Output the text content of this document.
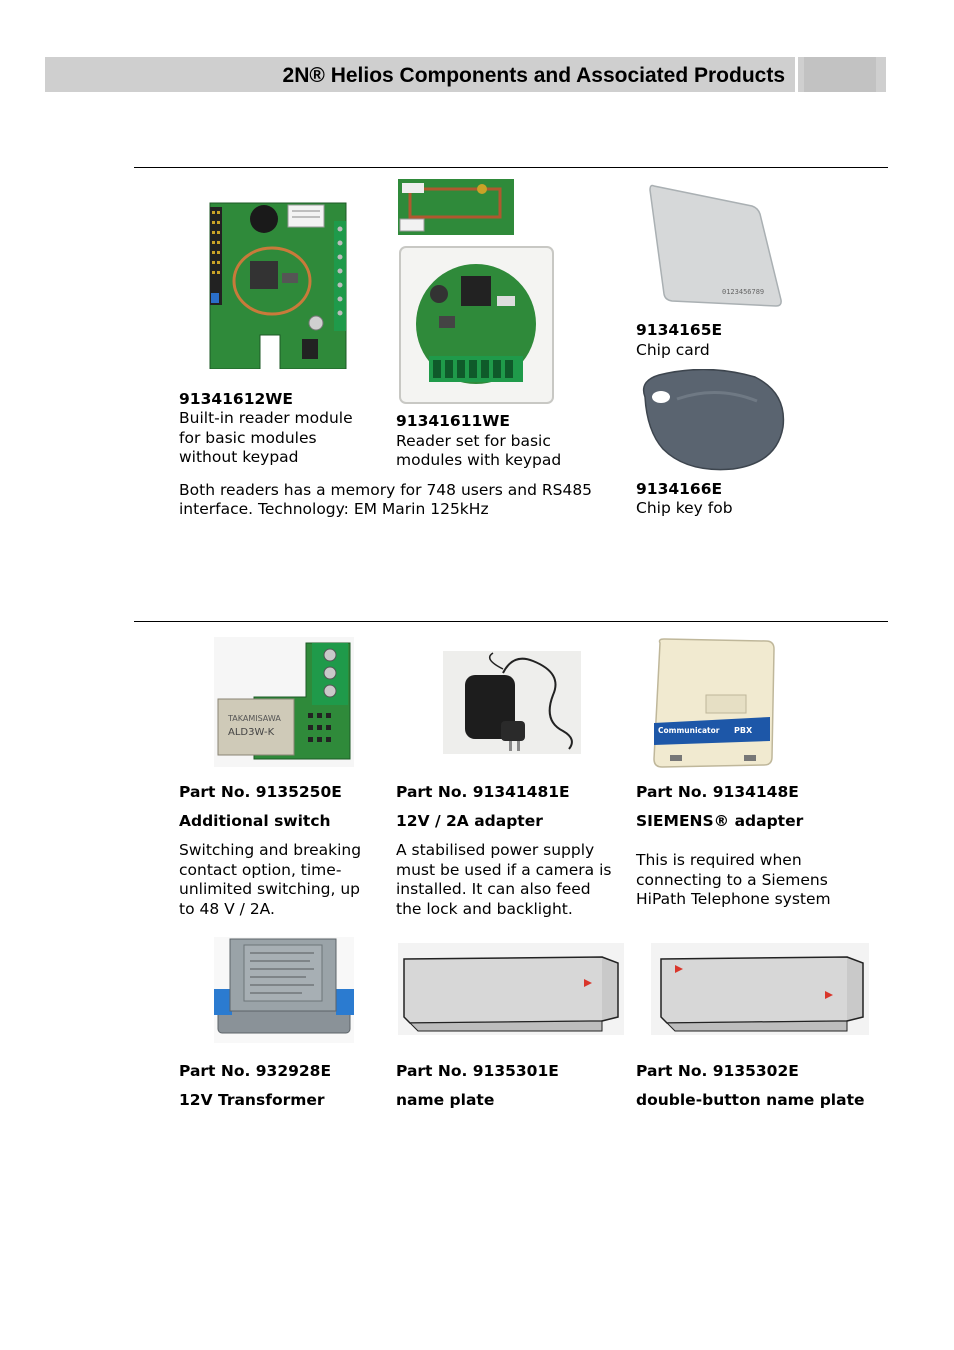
2N® Helios Components and Associated Products
0123456789
91341612WE
Built-in reader module
for basic modules
without keypad
91341611WE
Reader set for basic
modules with keypad
9134165E
Chip card
9134166E
Chip key fob
Both readers has a memory for 748 users and RS485
interface. Technology: EM Marin 125kHz
TAKAMISAWA
ALD3W-K	Communicator PBX
Part No. 9135250E
Additional switch
Switching and breaking
contact option, time-
unlimited switching, up
to 48 V / 2A.
Part No. 91341481E
12V / 2A adapter
A stabilised power supply
must be used if a camera is
installed. It can also feed
the lock and backlight.
Part No. 9134148E
SIEMENS® adapter
This is required when
connecting to a Siemens
HiPath Telephone system
Part No. 932928E
12V Transformer
Part No. 9135301E
name plate
Part No. 9135302E
double-button name plate
